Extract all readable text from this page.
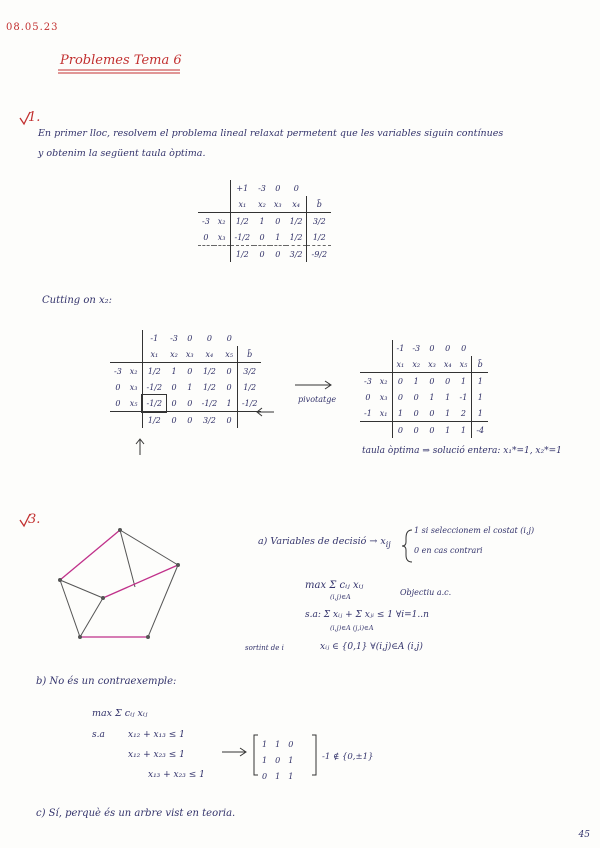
08.05.23
Problemes Tema 6
1.
En primer lloc, resolvem el problema lineal relaxat permetent que les variables siguin contínues
y obtenim la següent taula òptima.
		+1	-3	0	0	
		x₁	x₂	x₃	x₄	b̃
-3	x₂	1/2	1	0	1/2	3/2
0	x₃	-1/2	0	1	1/2	1/2
		1/2	0	0	3/2	-9/2
Cutting on x₂:
		-1	-3	0	0	0	
		x₁	x₂	x₃	x₄	x₅	b̃
-3	x₂	1/2	1	0	1/2	0	3/2
0	x₃	-1/2	0	1	1/2	0	1/2
0	x₅	-1/2	0	0	-1/2	1	-1/2
		1/2	0	0	3/2	0	
pivotatge
		-1	-3	0	0	0	
		x₁	x₂	x₃	x₄	x₅	b̃
-3	x₂	0	1	0	0	1	1
0	x₃	0	0	1	1	-1	1
-1	x₁	1	0	0	1	2	1
		0	0	0	1	1	-4
taula òptima ⇒ solució entera: x₁*=1, x₂*=1
3.
a) Variables de decisió → $x_{ij}$
1 si seleccionem el costat (i,j)
0 en cas contrari
max Σ cᵢⱼ xᵢⱼ
(i,j)∈A	Objectiu a.c.
s.a: Σ xᵢⱼ + Σ xⱼᵢ ≤ 1 ∀i=1..n
(i,j)∈A (j,i)∈A
sortint de i	xᵢⱼ ∈ {0,1} ∀(i,j)∈A (i,j)
b) No és un contraexemple:
max Σ cᵢⱼ xᵢⱼ
s.a	x₁₂ + x₁₃ ≤ 1
x₁₂ + x₂₃ ≤ 1
x₁₃ + x₂₃ ≤ 1
1	1	0
1	0	1
0	1	1
-1 ∉ {0,±1}
c) Sí, perquè és un arbre vist en teoria.
45
